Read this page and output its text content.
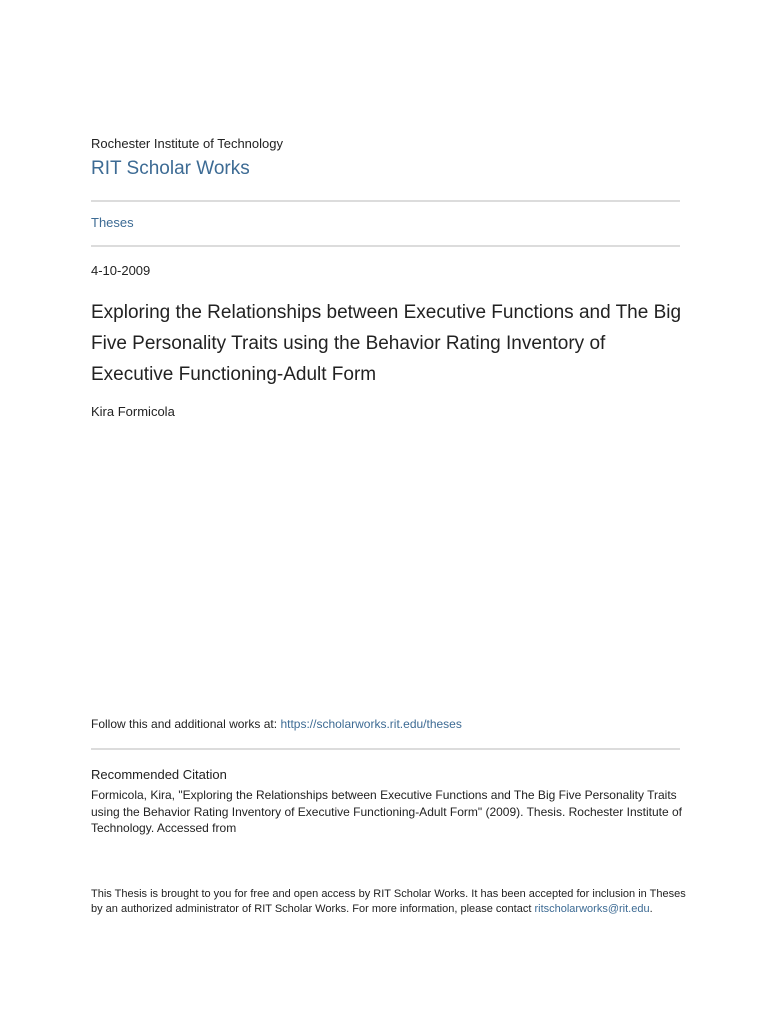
Rochester Institute of Technology
RIT Scholar Works
Theses
4-10-2009
Exploring the Relationships between Executive Functions and The Big Five Personality Traits using the Behavior Rating Inventory of Executive Functioning-Adult Form
Kira Formicola
Follow this and additional works at: https://scholarworks.rit.edu/theses
Recommended Citation
Formicola, Kira, "Exploring the Relationships between Executive Functions and The Big Five Personality Traits using the Behavior Rating Inventory of Executive Functioning-Adult Form" (2009). Thesis. Rochester Institute of Technology. Accessed from
This Thesis is brought to you for free and open access by RIT Scholar Works. It has been accepted for inclusion in Theses by an authorized administrator of RIT Scholar Works. For more information, please contact ritscholarworks@rit.edu.
